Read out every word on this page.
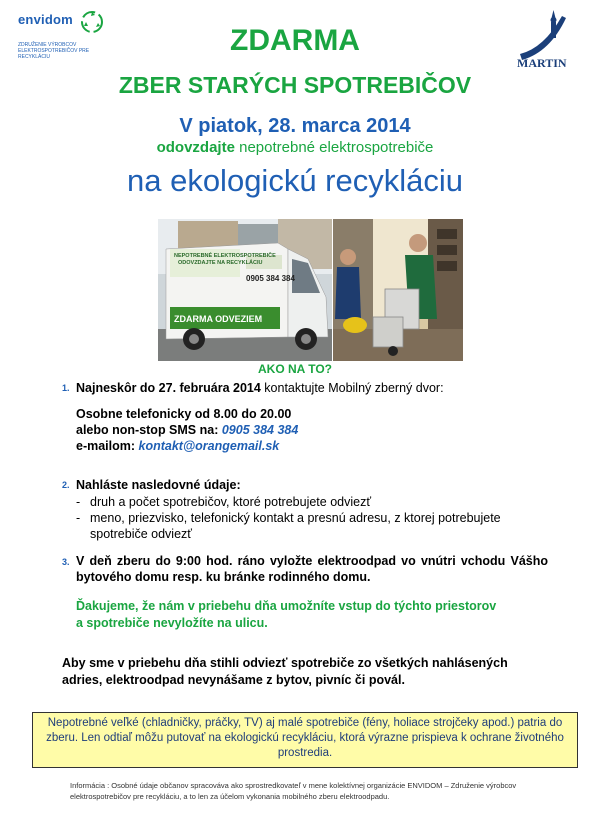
envidom
ZDRUŽENIE VÝROBCOV ELEKTROSPOTREBIČOV PRE RECYKLÁCIU	MARTIN
ZDARMA
ZBER STARÝCH SPOTREBIČOV
V piatok, 28. marca 2014
odovzdajte nepotrebné elektrospotrebiče
na ekologickú recykláciu
NEPOTREBNÉ ELEKTROSPOTREBIČE
ODOVZDAJTE NA RECYKLÁCIU
0905 384 384
ZDARMA ODVEZIEM
AKO NA TO?
1. Najneskôr do 27. februára 2014 kontaktujte Mobilný zberný dvor:
Osobne telefonicky od 8.00 do 20.00
alebo non-stop SMS na: 0905 384 384
e-mailom: kontakt@orangemail.sk
2. Nahláste nasledovné údaje:
- druh a počet spotrebičov, ktoré potrebujete odviezť
- meno, priezvisko, telefonický kontakt a presnú adresu, z ktorej potrebujete spotrebiče odviezť
3. V deň zberu do 9:00 hod. ráno vyložte elektroodpad vo vnútri vchodu Vášho bytového domu resp. ku bránke rodinného domu.
Ďakujeme, že nám v priebehu dňa umožníte vstup do týchto priestorov
a spotrebiče nevyložíte na ulicu.
Aby sme v priebehu dňa stihli odviezť spotrebiče zo všetkých nahlásených adries, elektroodpad nevynášame z bytov, pivníc či povál.
Nepotrebné veľké (chladničky, práčky, TV) aj malé spotrebiče (fény, holiace strojčeky apod.) patria do zberu. Len odtiaľ môžu putovať na ekologickú recykláciu, ktorá výrazne prispieva k ochrane životného prostredia.
Informácia : Osobné údaje občanov spracováva ako sprostredkovateľ v mene kolektívnej organizácie ENVIDOM – Združenie výrobcov elektrospotrebičov pre recykláciu, a to len za účelom vykonania mobilného zberu elektroodpadu.
